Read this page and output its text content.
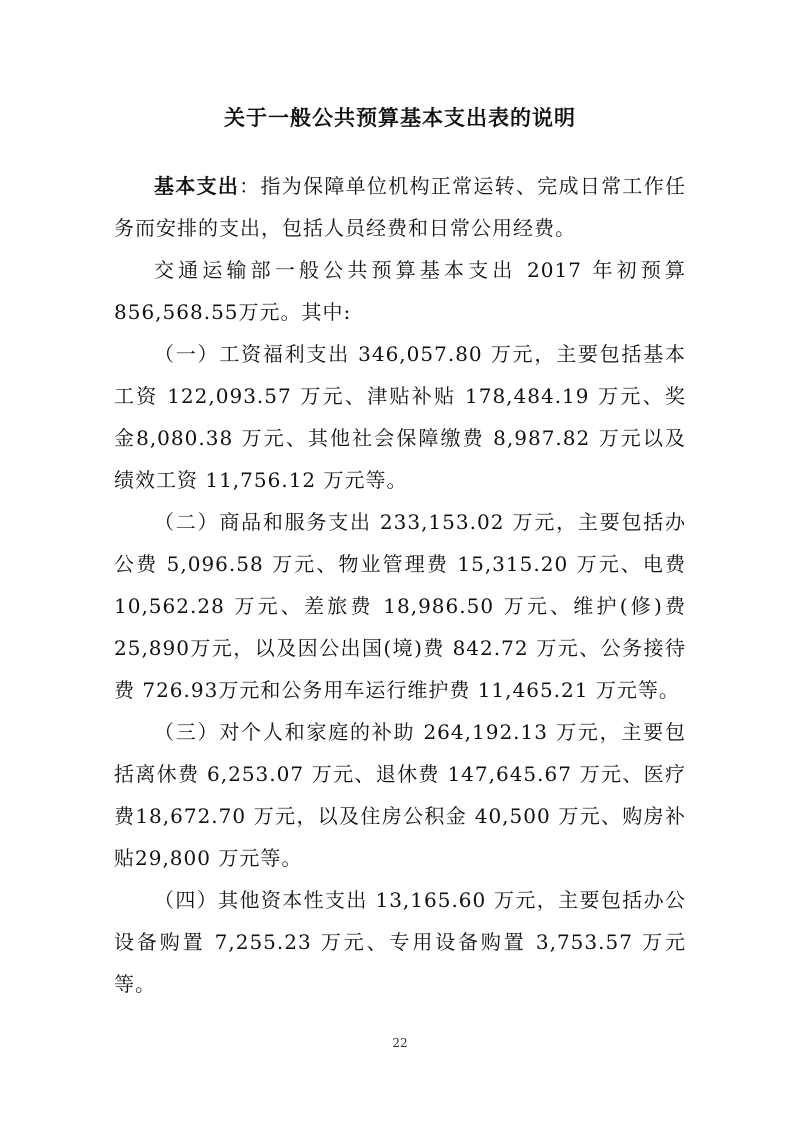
关于一般公共预算基本支出表的说明

基本支出：指为保障单位机构正常运转、完成日常工作任务而安排的支出，包括人员经费和日常公用经费。

交通运输部一般公共预算基本支出 2017 年初预算856,568.55万元。其中:

（一）工资福利支出 346,057.80 万元，主要包括基本工资 122,093.57 万元、津贴补贴 178,484.19 万元、奖金8,080.38 万元、其他社会保障缴费 8,987.82 万元以及绩效工资 11,756.12 万元等。

（二）商品和服务支出 233,153.02 万元，主要包括办公费 5,096.58 万元、物业管理费 15,315.20 万元、电费10,562.28 万元、差旅费 18,986.50 万元、维护(修)费 25,890万元，以及因公出国(境)费 842.72 万元、公务接待费 726.93万元和公务用车运行维护费 11,465.21 万元等。

（三）对个人和家庭的补助 264,192.13 万元，主要包括离休费 6,253.07 万元、退休费 147,645.67 万元、医疗费18,672.70 万元，以及住房公积金 40,500 万元、购房补贴29,800 万元等。

（四）其他资本性支出 13,165.60 万元，主要包括办公设备购置 7,255.23 万元、专用设备购置 3,753.57 万元等。

22
